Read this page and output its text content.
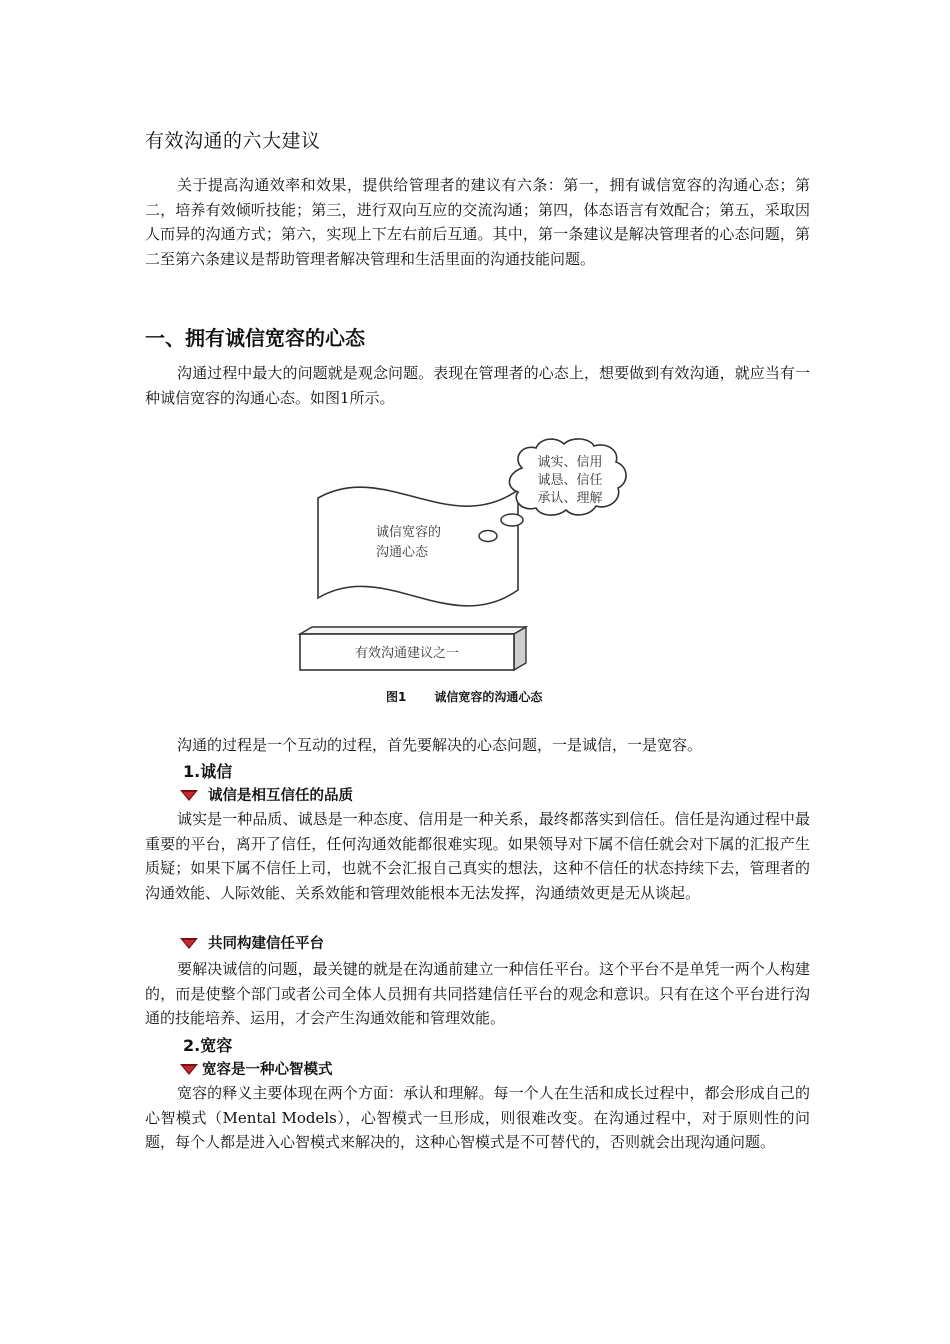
有效沟通的六大建议
关于提高沟通效率和效果，提供给管理者的建议有六条：第一，拥有诚信宽容的沟通心态；第二，培养有效倾听技能；第三，进行双向互应的交流沟通；第四，体态语言有效配合；第五，采取因人而异的沟通方式；第六，实现上下左右前后互通。其中，第一条建议是解决管理者的心态问题，第二至第六条建议是帮助管理者解决管理和生活里面的沟通技能问题。
一、拥有诚信宽容的心态
沟通过程中最大的问题就是观念问题。表现在管理者的心态上，想要做到有效沟通，就应当有一种诚信宽容的沟通心态。如图1所示。
诚实、信用
诚恳、信任
承认、理解
诚信宽容的
沟通心态
有效沟通建议之一
图1 诚信宽容的沟通心态
沟通的过程是一个互动的过程，首先要解决的心态问题，一是诚信，一是宽容。
1.诚信
诚信是相互信任的品质
诚实是一种品质、诚恳是一种态度、信用是一种关系，最终都落实到信任。信任是沟通过程中最重要的平台，离开了信任，任何沟通效能都很难实现。如果领导对下属不信任就会对下属的汇报产生质疑；如果下属不信任上司，也就不会汇报自己真实的想法，这种不信任的状态持续下去，管理者的沟通效能、人际效能、关系效能和管理效能根本无法发挥，沟通绩效更是无从谈起。
共同构建信任平台
要解决诚信的问题，最关键的就是在沟通前建立一种信任平台。这个平台不是单凭一两个人构建的，而是使整个部门或者公司全体人员拥有共同搭建信任平台的观念和意识。只有在这个平台进行沟通的技能培养、运用，才会产生沟通效能和管理效能。
2.宽容
宽容是一种心智模式
宽容的释义主要体现在两个方面：承认和理解。每一个人在生活和成长过程中，都会形成自己的心智模式（Mental Models），心智模式一旦形成，则很难改变。在沟通过程中，对于原则性的问题，每个人都是进入心智模式来解决的，这种心智模式是不可替代的，否则就会出现沟通问题。
